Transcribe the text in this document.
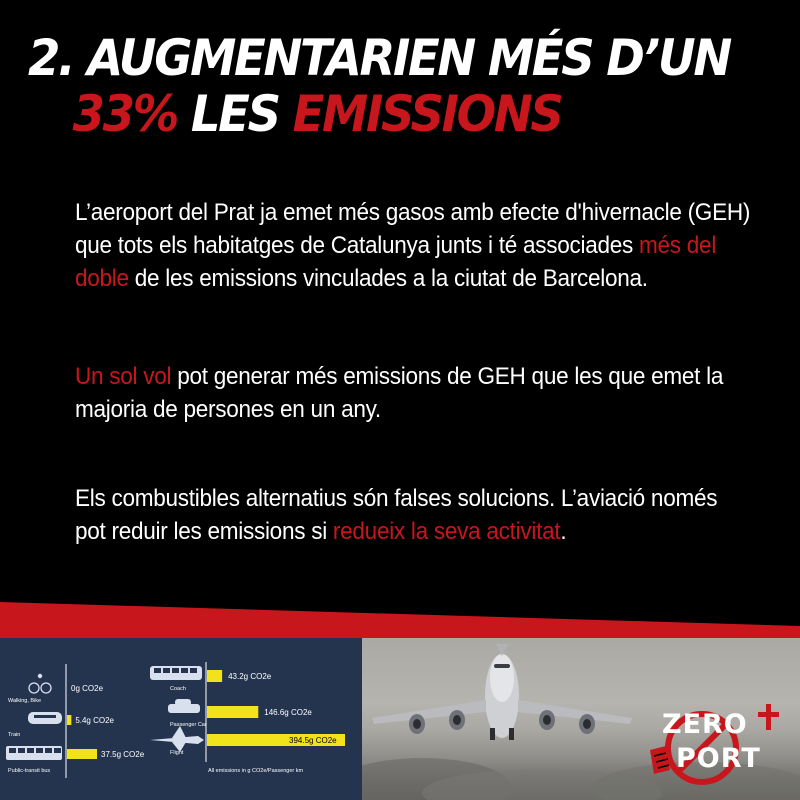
2. AUGMENTARIEN MÉS D’UN
33% LES EMISSIONS
L’aeroport del Prat ja emet més gasos amb efecte d'hivernacle (GEH) que tots els habitatges de Catalunya junts i té associades més del doble de les emissions vinculades a la ciutat de Barcelona.
Un sol vol pot generar més emissions de GEH que les que emet la majoria de persones en un any.
Els combustibles alternatius són falses solucions. L’aviació només pot reduir les emissions si redueix la seva activitat.
0g CO2e
Walking, Bike
5.4g CO2e
Train
37.5g CO2e
Public-transit bus
43.2g CO2e
Coach
146.6g CO2e
Passenger Car
394.5g CO2e
Flight
All emissions in g CO2e/Passenger km
ZERO
PORT
